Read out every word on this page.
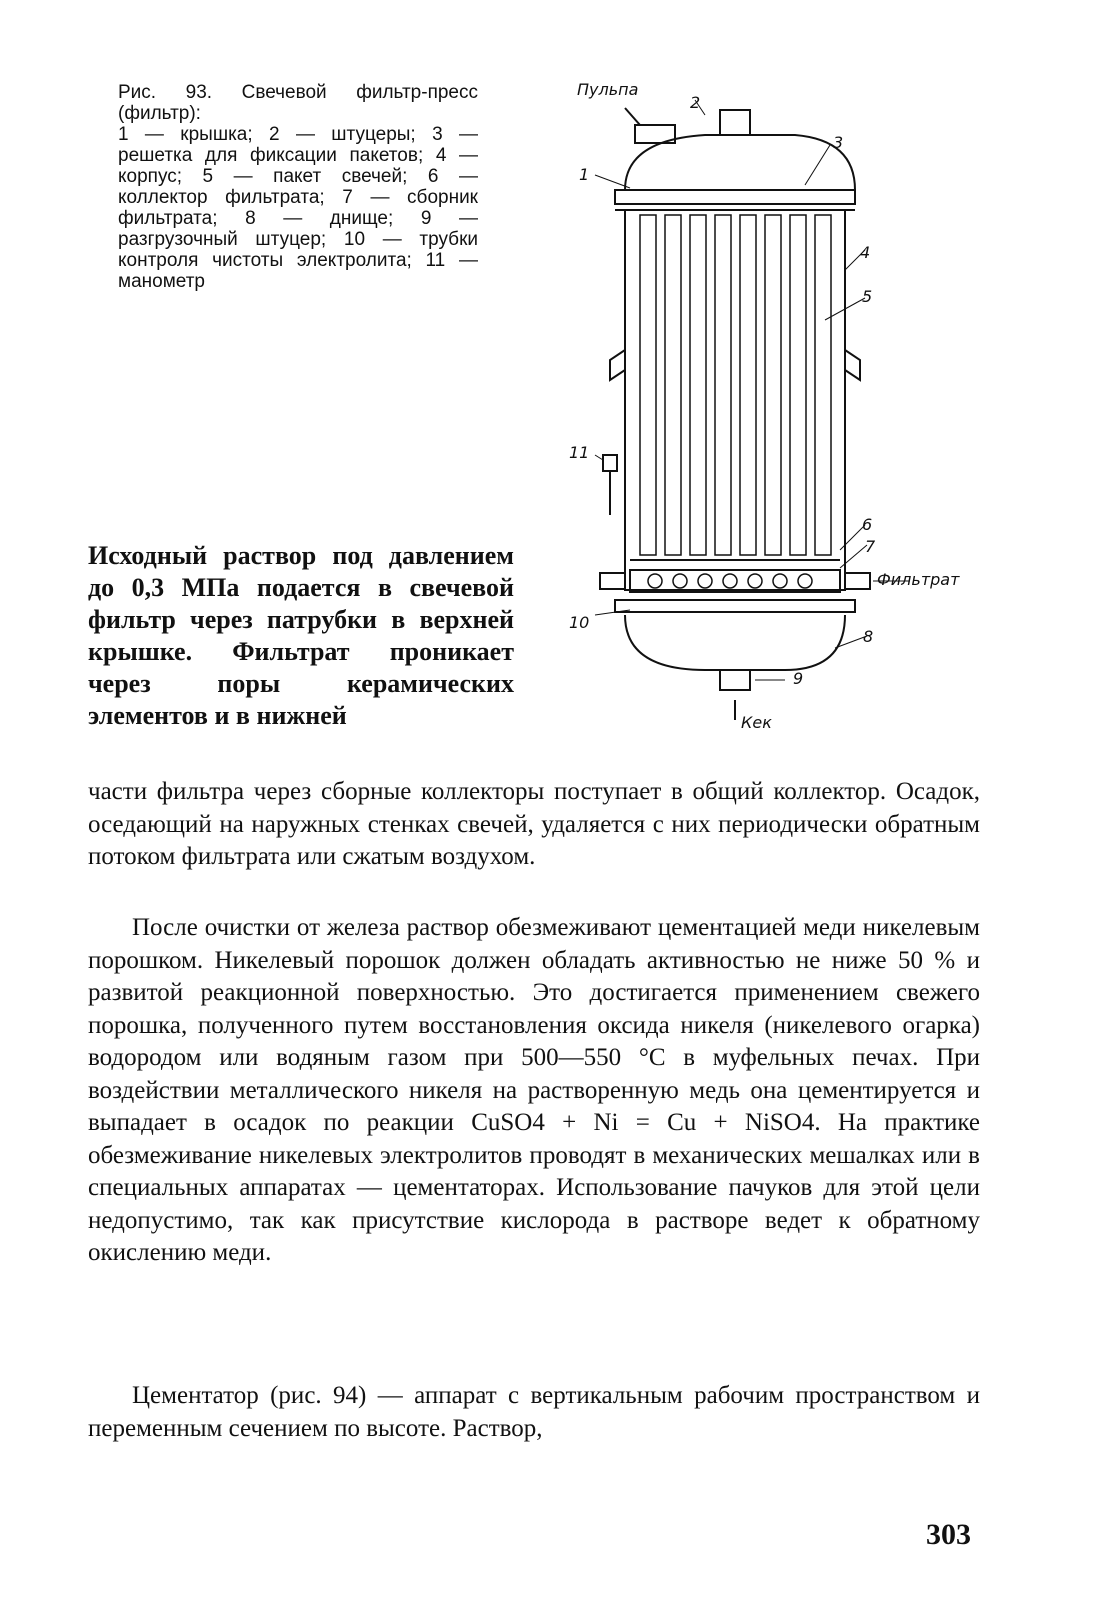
Рис. 93. Свечевой фильтр-пресс (фильтр):
1 — крышка; 2 — штуцеры; 3 — решетка для фиксации пакетов; 4 — корпус; 5 — пакет свечей; 6 — коллектор фильтрата; 7 — сборник фильтрата; 8 — днище; 9 — разгрузочный штуцер; 10 — трубки контроля чистоты электролита; 11 — манометр
Пульпа
2
3
1
4
5
11
6
7
Фильтрат
10
8
9
Кек

Исходный раствор под давлением до 0,3 МПа подается в свечевой фильтр через патрубки в верхней крышке. Фильтрат проникает через поры керамических элементов и в нижней

части фильтра через сборные коллекторы поступает в общий коллектор. Осадок, оседающий на наружных стенках свечей, удаляется с них периодически обратным потоком фильтрата или сжатым воздухом.

После очистки от железа раствор обезмеживают цементацией меди никелевым порошком. Никелевый порошок должен обладать активностью не ниже 50 % и развитой реакционной поверхностью. Это достигается применением свежего порошка, полученного путем восстановления оксида никеля (никелевого огарка) водородом или водяным газом при 500—550 °С в муфельных печах. При воздействии металлического никеля на растворенную медь она цементируется и выпадает в осадок по реакции CuSO4 + Ni = Cu + NiSO4. На практике обезмеживание никелевых электролитов проводят в механических мешалках или в специальных аппаратах — цементаторах. Использование пачуков для этой цели недопустимо, так как присутствие кислорода в растворе ведет к обратному окислению меди.

Цементатор (рис. 94) — аппарат с вертикальным рабочим пространством и переменным сечением по высоте. Раствор,

303
